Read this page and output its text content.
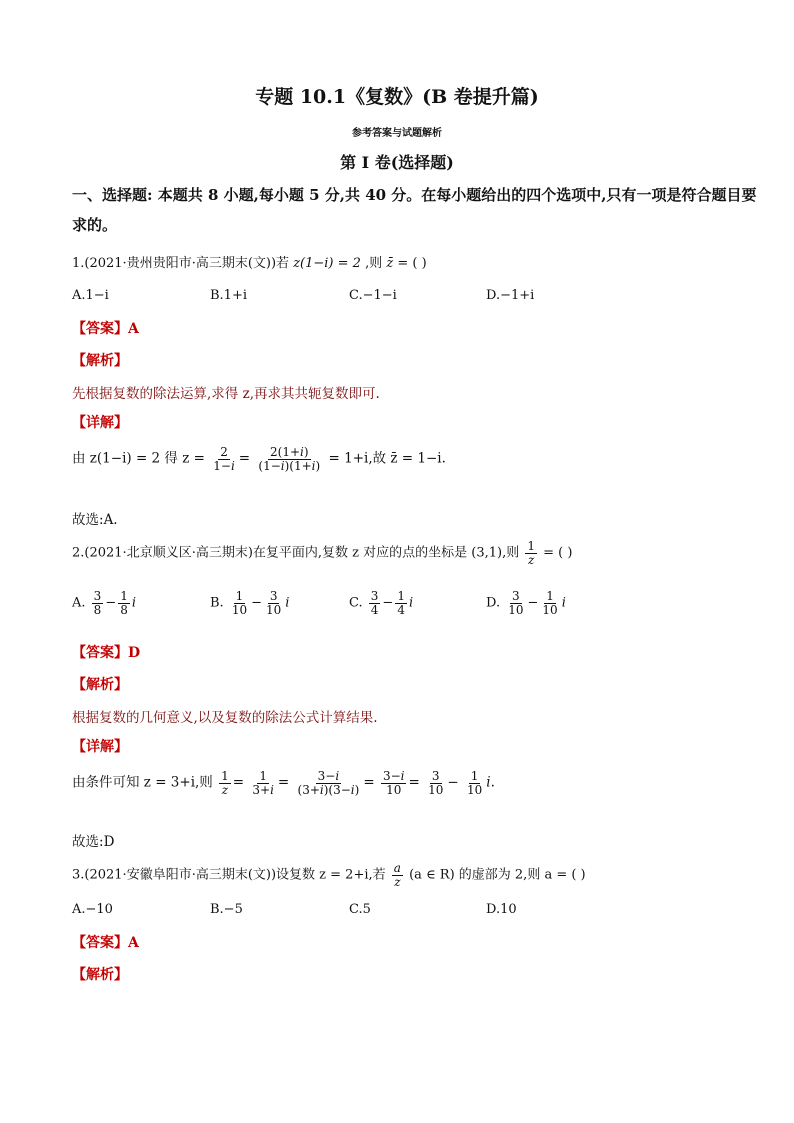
专题 10.1《复数》(B 卷提升篇)
参考答案与试题解析
第 I 卷(选择题)
一、选择题: 本题共 8 小题,每小题 5 分,共 40 分。在每小题给出的四个选项中,只有一项是符合题目要
求的。
1.(2021·贵州贵阳市·高三期末(文))若 z(1−i) = 2 ,则 z̄ = ( )
A.1−i	B.1+i	C.−1−i	D.−1+i
【答案】A
【解析】
先根据复数的除法运算,求得 z,再求其共轭复数即可.
【详解】
由 z(1−i) = 2 得 $z = \frac{2}{1-i} = \frac{2(1+i)}{(1-i)(1+i)} = 1+i$,故 z̄ = 1−i.
故选:A.
2.(2021·北京顺义区·高三期末)在复平面内,复数 z 对应的点的坐标是 (3,1),则 $\frac{1}{z}$ = ( )
A. $\frac{3}{8} - \frac{1}{8}$ i	B. $\frac{1}{10} - \frac{3}{10}$ i	C. $\frac{3}{4} - \frac{1}{4}$ i	D. $\frac{3}{10} - \frac{1}{10}$ i
【答案】D
【解析】
根据复数的几何意义,以及复数的除法公式计算结果.
【详解】
由条件可知 z = 3+i,则 $\frac{1}{z} = \frac{1}{3+i} = \frac{3-i}{(3+i)(3-i)} = \frac{3-i}{10} = \frac{3}{10} - \frac{1}{10} i$.
故选:D
3.(2021·安徽阜阳市·高三期末(文))设复数 z = 2+i,若 $\frac{a}{z} (a$ ∈ R) 的虚部为 2,则 a = ( )
A.−10	B.−5	C.5	D.10
【答案】A
【解析】
